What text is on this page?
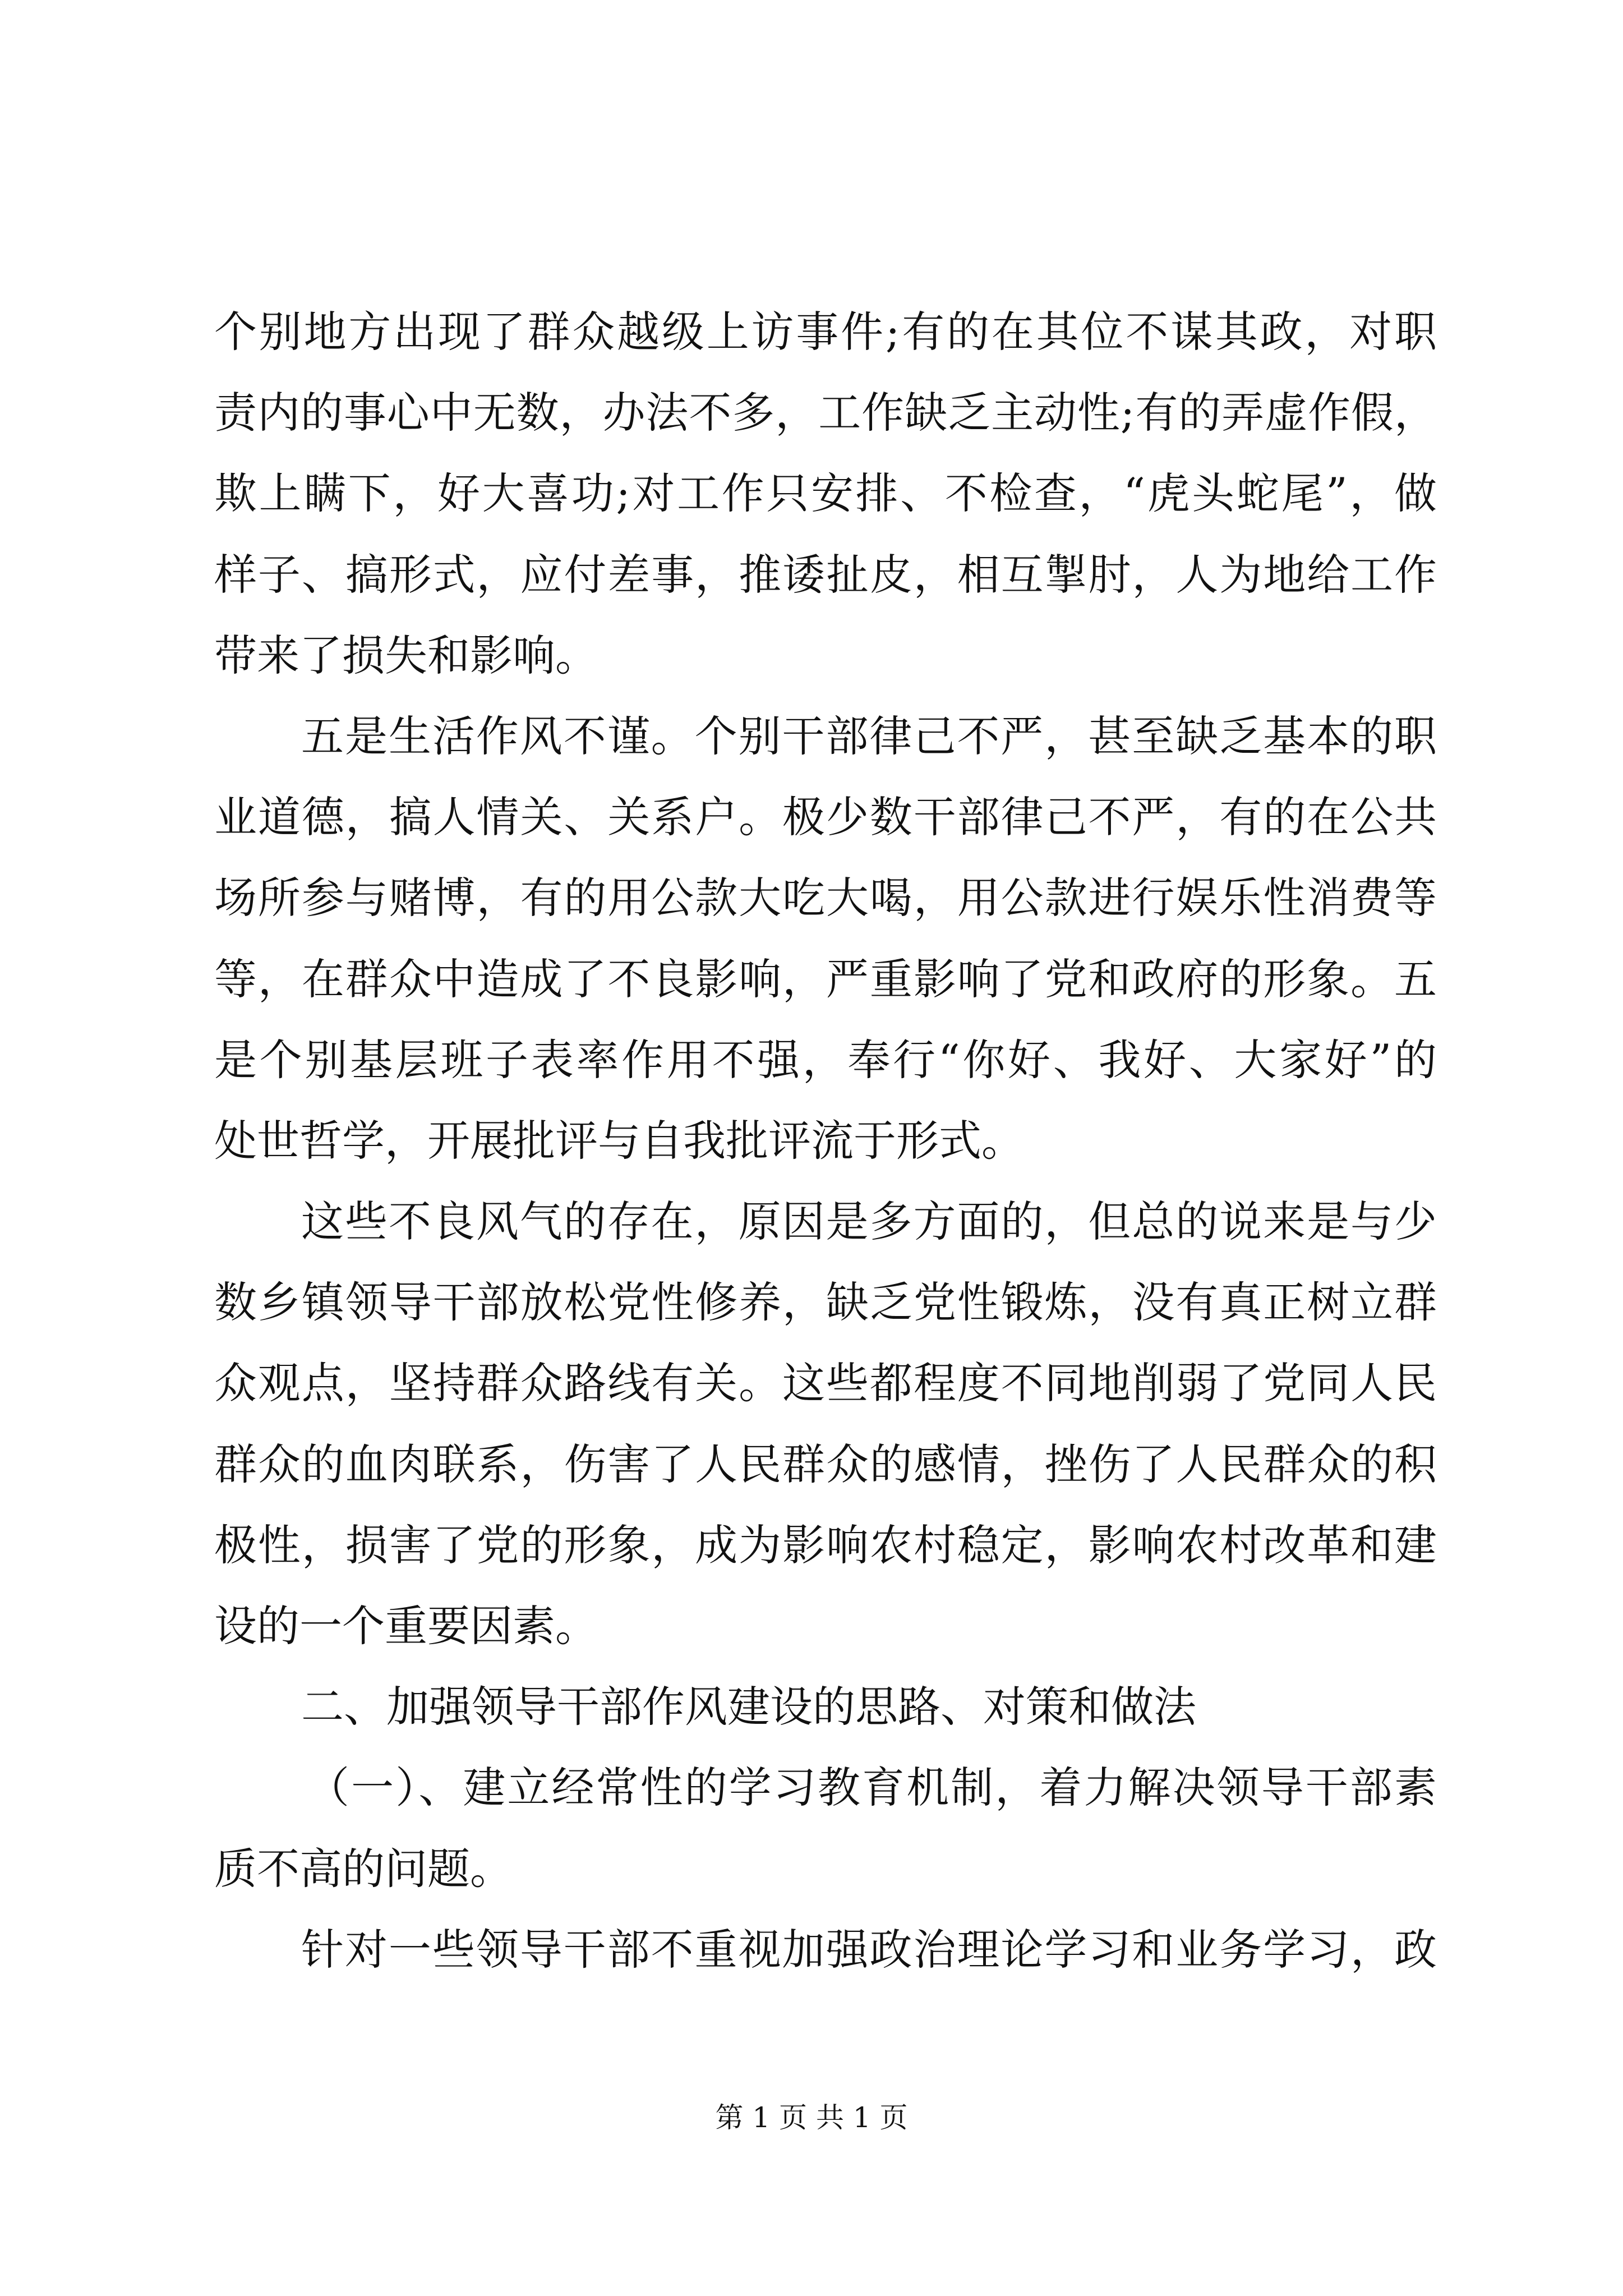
个别地方出现了群众越级上访事件;有的在其位不谋其政，对职
责内的事心中无数，办法不多，工作缺乏主动性;有的弄虚作假，
欺上瞒下，好大喜功;对工作只安排、不检查，“虎头蛇尾”，做
样子、搞形式，应付差事，推诿扯皮，相互掣肘，人为地给工作
带来了损失和影响。
五是生活作风不谨。个别干部律己不严，甚至缺乏基本的职
业道德，搞人情关、关系户。极少数干部律己不严，有的在公共
场所参与赌博，有的用公款大吃大喝，用公款进行娱乐性消费等
等，在群众中造成了不良影响，严重影响了党和政府的形象。五
是个别基层班子表率作用不强，奉行“你好、我好、大家好”的
处世哲学，开展批评与自我批评流于形式。
这些不良风气的存在，原因是多方面的，但总的说来是与少
数乡镇领导干部放松党性修养，缺乏党性锻炼，没有真正树立群
众观点，坚持群众路线有关。这些都程度不同地削弱了党同人民
群众的血肉联系，伤害了人民群众的感情，挫伤了人民群众的积
极性，损害了党的形象，成为影响农村稳定，影响农村改革和建
设的一个重要因素。
二、加强领导干部作风建设的思路、对策和做法
（一）、建立经常性的学习教育机制，着力解决领导干部素
质不高的问题。
针对一些领导干部不重视加强政治理论学习和业务学习，政
第 1 页 共 1 页
